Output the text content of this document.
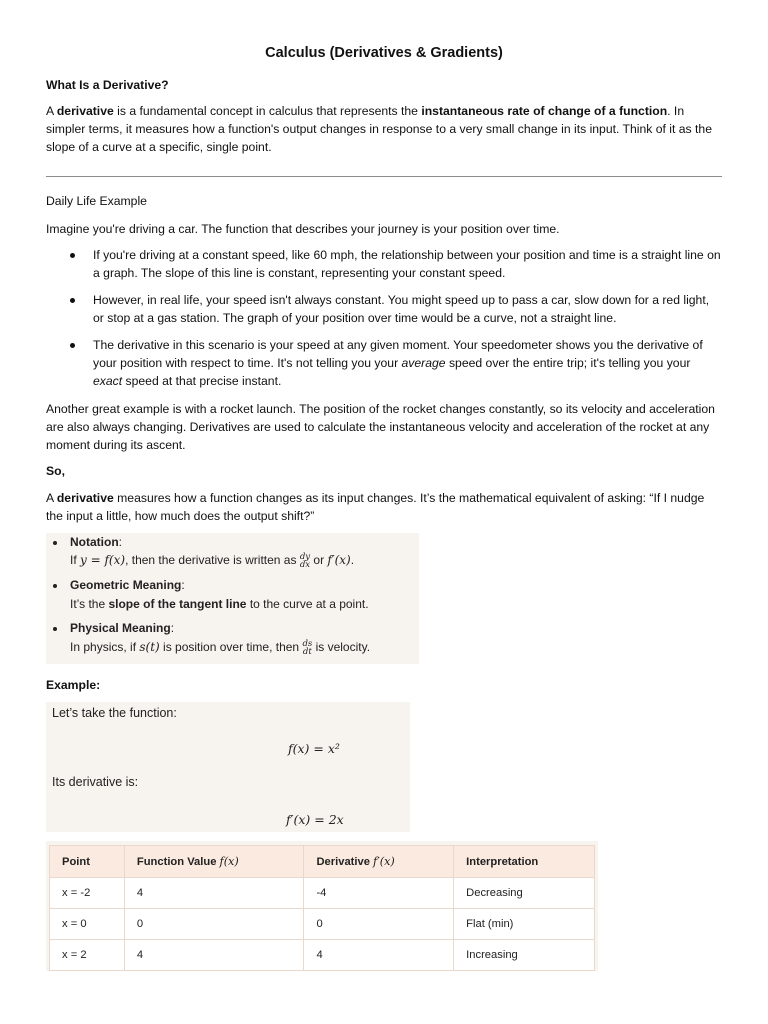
Calculus (Derivatives & Gradients)

What Is a Derivative?

A derivative is a fundamental concept in calculus that represents the instantaneous rate of change of a function. In simpler terms, it measures how a function's output changes in response to a very small change in its input. Think of it as the slope of a curve at a specific, single point.

Daily Life Example

Imagine you're driving a car. The function that describes your journey is your position over time.

If you're driving at a constant speed, like 60 mph, the relationship between your position and time is a straight line on a graph. The slope of this line is constant, representing your constant speed.
However, in real life, your speed isn't always constant. You might speed up to pass a car, slow down for a red light, or stop at a gas station. The graph of your position over time would be a curve, not a straight line.
The derivative in this scenario is your speed at any given moment. Your speedometer shows you the derivative of your position with respect to time. It's not telling you your average speed over the entire trip; it's telling you your exact speed at that precise instant.

Another great example is with a rocket launch. The position of the rocket changes constantly, so its velocity and acceleration are also always changing. Derivatives are used to calculate the instantaneous velocity and acceleration of the rocket at any moment during its ascent.

So,

A derivative measures how a function changes as its input changes. It’s the mathematical equivalent of asking: “If I nudge the input a little, how much does the output shift?”

Notation:
If y = f(x), then the derivative is written as dy
dx or f′(x).
Geometric Meaning:
It’s the slope of the tangent line to the curve at a point.
Physical Meaning:
In physics, if s(t) is position over time, then ds
dt is velocity.

Example:

Let’s take the function:
f(x) = x²
Its derivative is:
f′(x) = 2x
Point	Function Value f(x)	Derivative f′(x)	Interpretation
x = -2	4	-4	Decreasing
x = 0	0	0	Flat (min)
x = 2	4	4	Increasing
